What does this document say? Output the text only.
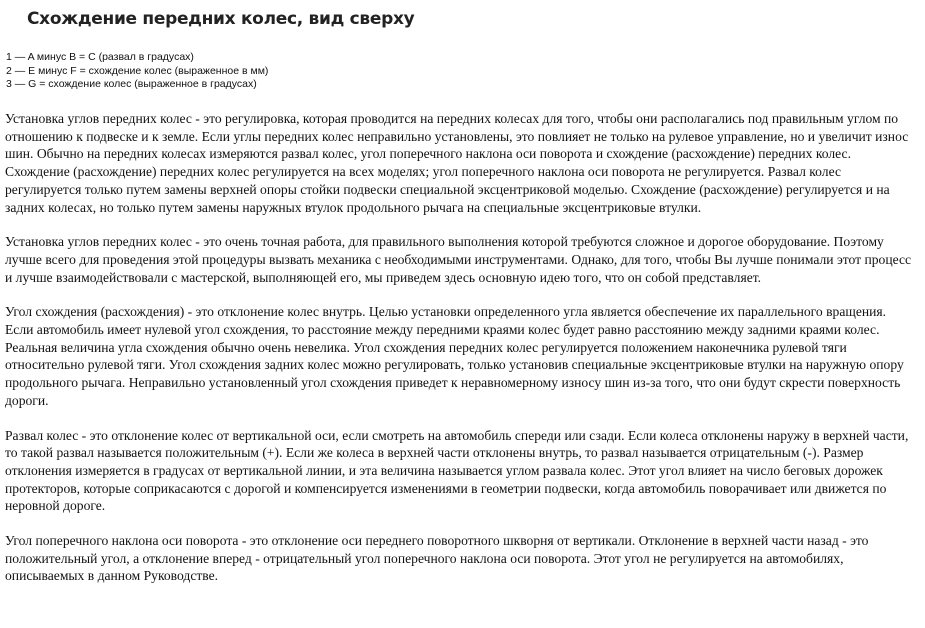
Схождение передних колес, вид сверху
1 — A минус B = C (развал в градусах)
2 — E минус F = схождение колес (выраженное в мм)
3 — G = схождение колес (выраженное в градусах)

Установка углов передних колес - это регулировка, которая проводится на передних колесах для того, чтобы они располагались под правильным углом по отношению к подвеске и к земле. Если углы передних колес неправильно установлены, это повлияет не только на рулевое управление, но и увеличит износ шин. Обычно на передних колесах измеряются развал колес, угол поперечного наклона оси поворота и схождение (расхождение) передних колес. Схождение (расхождение) передних колес регулируется на всех моделях; угол поперечного наклона оси поворота не регулируется. Развал колес регулируется только путем замены верхней опоры стойки подвески специальной эксцентриковой моделью. Схождение (расхождение) регулируется и на задних колесах, но только путем замены наружных втулок продольного рычага на специальные эксцентриковые втулки.

Установка углов передних колес - это очень точная работа, для правильного выполнения которой требуются сложное и дорогое оборудование. Поэтому лучше всего для проведения этой процедуры вызвать механика с необходимыми инструментами. Однако, для того, чтобы Вы лучше понимали этот процесс и лучше взаимодействовали с мастерской, выполняющей его, мы приведем здесь основную идею того, что он собой представляет.

Угол схождения (расхождения) - это отклонение колес внутрь. Целью установки определенного угла является обеспечение их параллельного вращения. Если автомобиль имеет нулевой угол схождения, то расстояние между передними краями колес будет равно расстоянию между задними краями колес. Реальная величина угла схождения обычно очень невелика. Угол схождения передних колес регулируется положением наконечника рулевой тяги относительно рулевой тяги. Угол схождения задних колес можно регулировать, только установив специальные эксцентриковые втулки на наружную опору продольного рычага. Неправильно установленный угол схождения приведет к неравномерному износу шин из-за того, что они будут скрести поверхность дороги.

Развал колес - это отклонение колес от вертикальной оси, если смотреть на автомобиль спереди или сзади. Если колеса отклонены наружу в верхней части, то такой развал называется положительным (+). Если же колеса в верхней части отклонены внутрь, то развал называется отрицательным (-). Размер отклонения измеряется в градусах от вертикальной линии, и эта величина называется углом развала колес. Этот угол влияет на число беговых дорожек протекторов, которые соприкасаются с дорогой и компенсируется изменениями в геометрии подвески, когда автомобиль поворачивает или движется по неровной дороге.

Угол поперечного наклона оси поворота - это отклонение оси переднего поворотного шкворня от вертикали. Отклонение в верхней части назад - это положительный угол, а отклонение вперед - отрицательный угол поперечного наклона оси поворота. Этот угол не регулируется на автомобилях, описываемых в данном Руководстве.
